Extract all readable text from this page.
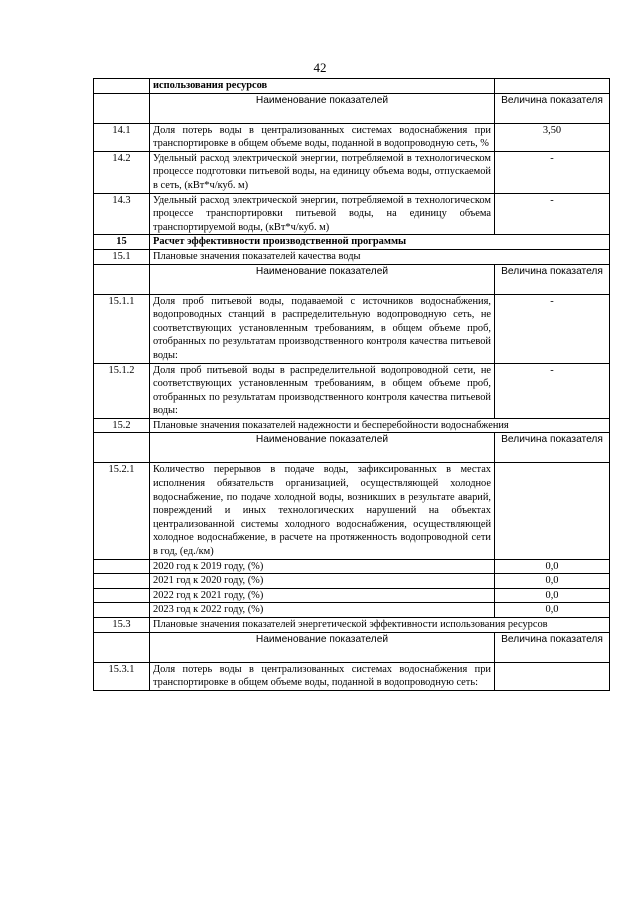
42
	использования ресурсов	
	Наименование показателей	Величина показателя
14.1	Доля потерь воды в централизованных системах водоснабжения при транспортировке в общем объеме воды, поданной в водопроводную сеть, %	3,50
14.2	Удельный расход электрической энергии, потребляемой в технологическом процессе подготовки питьевой воды, на единицу объема воды, отпускаемой в сеть, (кВт*ч/куб. м)	-
14.3	Удельный расход электрической энергии, потребляемой в технологическом процессе транспортировки питьевой воды, на единицу объема транспортируемой воды, (кВт*ч/куб. м)	-
15	Расчет эффективности производственной программы	
15.1	Плановые значения показателей качества воды	
	Наименование показателей	Величина показателя
15.1.1	Доля проб питьевой воды, подаваемой с источников водоснабжения, водопроводных станций в распределительную водопроводную сеть, не соответствующих установленным требованиям, в общем объеме проб, отобранных по результатам производственного контроля качества питьевой воды:	-
15.1.2	Доля проб питьевой воды в распределительной водопроводной сети, не соответствующих установленным требованиям, в общем объеме проб, отобранных по результатам производственного контроля качества питьевой воды:	-
15.2	Плановые значения показателей надежности и бесперебойности водоснабжения	
	Наименование показателей	Величина показателя
15.2.1	Количество перерывов в подаче воды, зафиксированных в местах исполнения обязательств организацией, осуществляющей холодное водоснабжение, по подаче холодной воды, возникших в результате аварий, повреждений и иных технологических нарушений на объектах централизованной системы холодного водоснабжения, осуществляющей холодное водоснабжение, в расчете на протяженность водопроводной сети в год, (ед./км)	
	2020 год к 2019 году, (%)	0,0
	2021 год к 2020 году, (%)	0,0
	2022 год к 2021 году, (%)	0,0
	2023 год к 2022 году, (%)	0,0
15.3	Плановые значения показателей энергетической эффективности использования ресурсов	
	Наименование показателей	Величина показателя
15.3.1	Доля потерь воды в централизованных системах водоснабжения при транспортировке в общем объеме воды, поданной в водопроводную сеть:	
